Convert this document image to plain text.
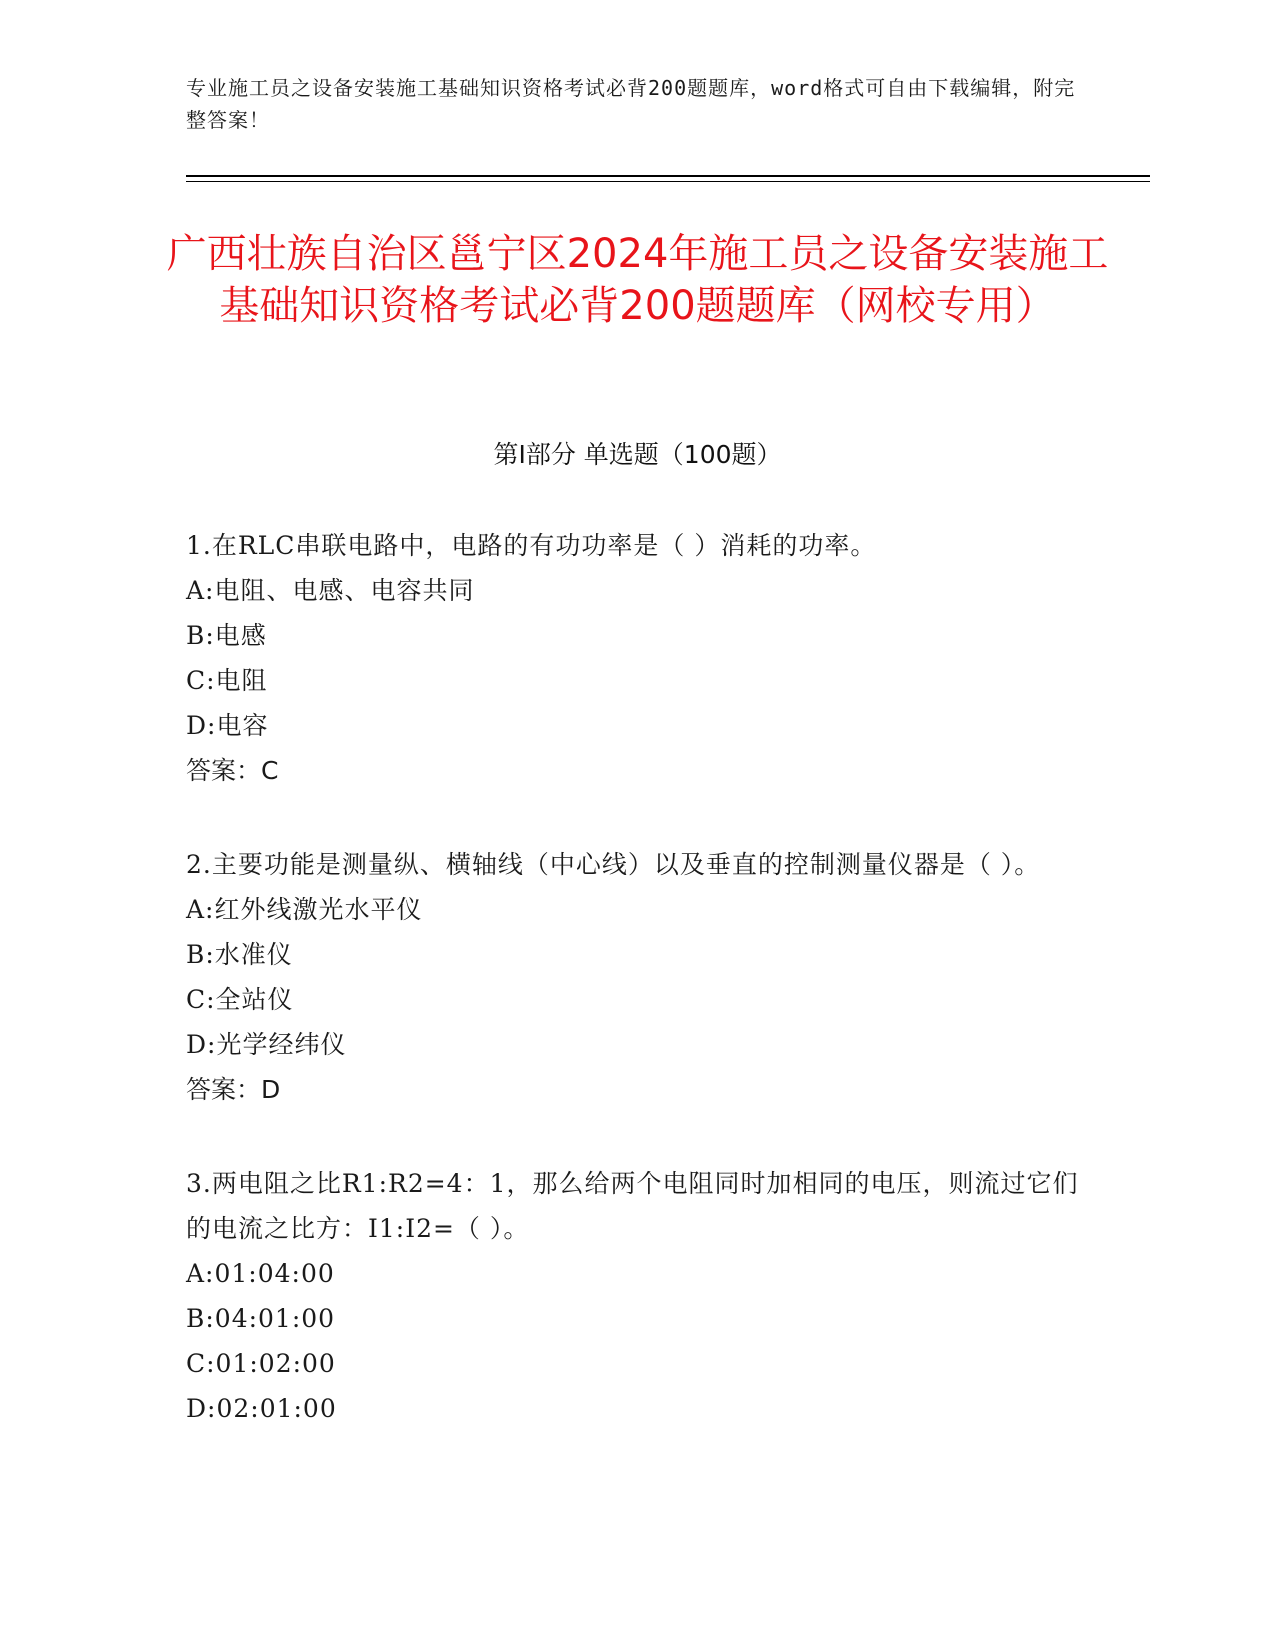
专业施工员之设备安装施工基础知识资格考试必背200题题库，word格式可自由下载编辑，附完整答案！
广西壮族自治区邕宁区2024年施工员之设备安装施工基础知识资格考试必背200题题库（网校专用）
第Ⅰ部分 单选题（100题）
1.在RLC串联电路中，电路的有功功率是（ ）消耗的功率。
A:电阻、电感、电容共同
B:电感
C:电阻
D:电容
答案：C
2.主要功能是测量纵、横轴线（中心线）以及垂直的控制测量仪器是（ ）。
A:红外线激光水平仪
B:水准仪
C:全站仪
D:光学经纬仪
答案：D
3.两电阻之比R1:R2=4：1，那么给两个电阻同时加相同的电压，则流过它们的电流之比方：I1:I2=（ ）。
A:01:04:00
B:04:01:00
C:01:02:00
D:02:01:00
